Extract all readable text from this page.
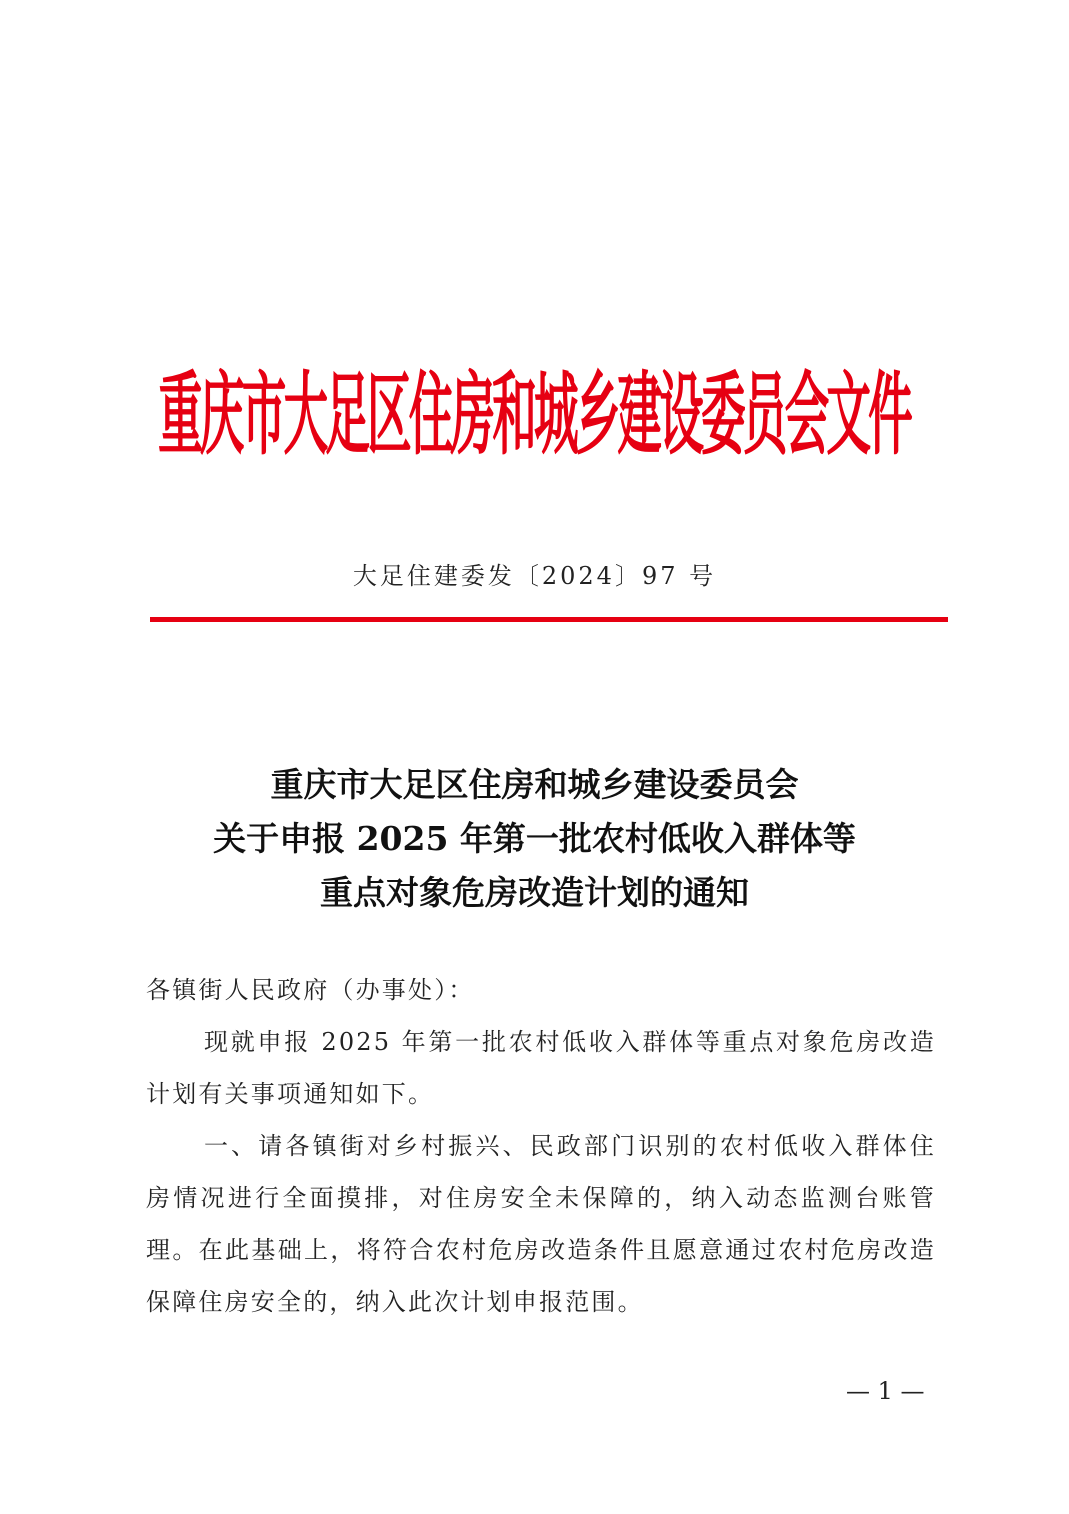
重庆市大足区住房和城乡建设委员会文件
大足住建委发〔2024〕97 号
重庆市大足区住房和城乡建设委员会
关于申报 2025 年第一批农村低收入群体等
重点对象危房改造计划的通知

各镇街人民政府（办事处）：

现就申报 2025 年第一批农村低收入群体等重点对象危房改造计划有关事项通知如下。

一、请各镇街对乡村振兴、民政部门识别的农村低收入群体住房情况进行全面摸排，对住房安全未保障的，纳入动态监测台账管理。在此基础上，将符合农村危房改造条件且愿意通过农村危房改造保障住房安全的，纳入此次计划申报范围。

— 1 —
